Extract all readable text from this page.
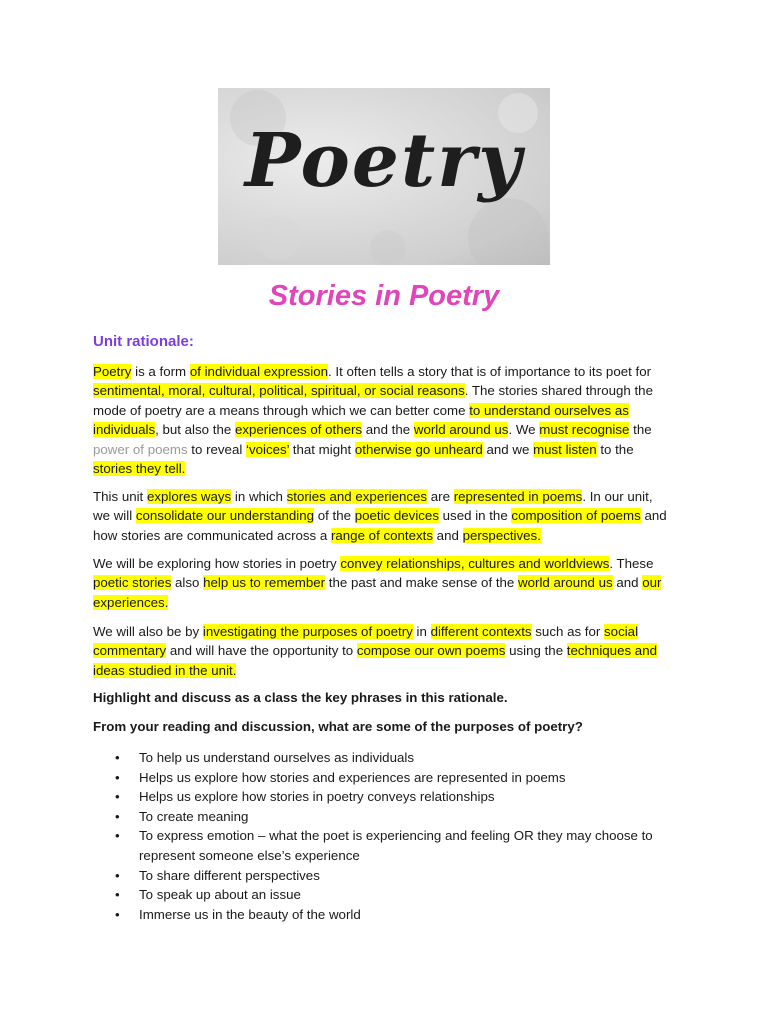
Poetry
Stories in Poetry
Unit rationale:
Poetry is a form of individual expression. It often tells a story that is of importance to its poet for sentimental, moral, cultural, political, spiritual, or social reasons. The stories shared through the mode of poetry are a means through which we can better come to understand ourselves as individuals, but also the experiences of others and the world around us. We must recognise the power of poems to reveal ‘voices’ that might otherwise go unheard and we must listen to the stories they tell.
This unit explores ways in which stories and experiences are represented in poems. In our unit, we will consolidate our understanding of the poetic devices used in the composition of poems and how stories are communicated across a range of contexts and perspectives.
We will be exploring how stories in poetry convey relationships, cultures and worldviews. These poetic stories also help us to remember the past and make sense of the world around us and our experiences.
We will also be by investigating the purposes of poetry in different contexts such as for social commentary and will have the opportunity to compose our own poems using the techniques and ideas studied in the unit.
Highlight and discuss as a class the key phrases in this rationale.
From your reading and discussion, what are some of the purposes of poetry?
• To help us understand ourselves as individuals
• Helps us explore how stories and experiences are represented in poems
• Helps us explore how stories in poetry conveys relationships
• To create meaning
• To express emotion – what the poet is experiencing and feeling OR they may choose to represent someone else’s experience
• To share different perspectives
• To speak up about an issue
• Immerse us in the beauty of the world
